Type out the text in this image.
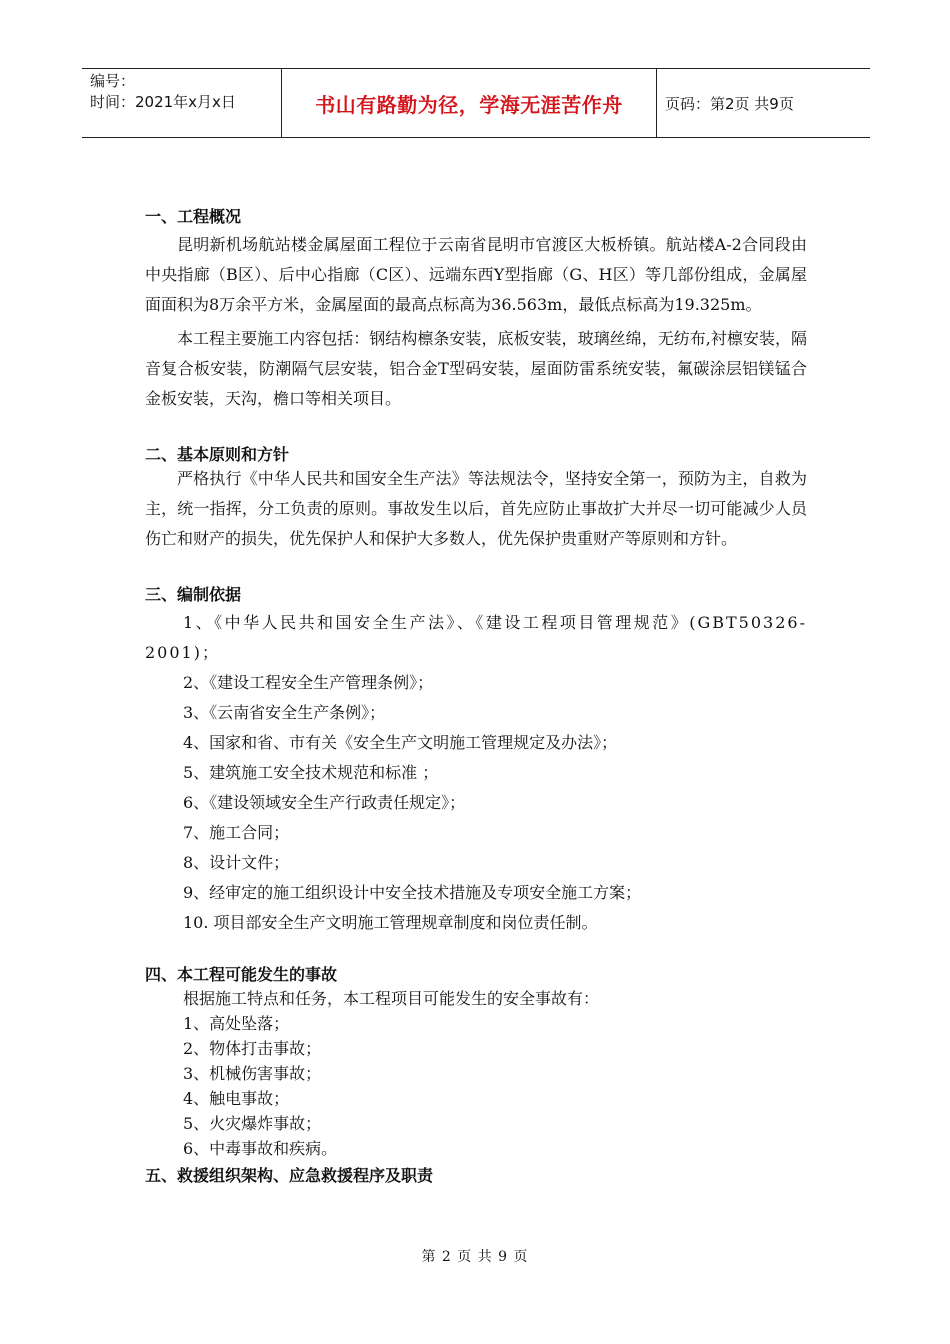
编号：
时间：2021年x月x日	书山有路勤为径，学海无涯苦作舟	页码：第2页 共9页
一、工程概况

昆明新机场航站楼金属屋面工程位于云南省昆明市官渡区大板桥镇。航站楼A-2合同段由中央指廊（B区）、后中心指廊（C区）、远端东西Y型指廊（G、H区）等几部份组成，金属屋面面积为8万余平方米，金属屋面的最高点标高为36.563m，最低点标高为19.325m。

本工程主要施工内容包括：钢结构檩条安装，底板安装，玻璃丝绵，无纺布,衬檩安装，隔音复合板安装，防潮隔气层安装，铝合金T型码安装，屋面防雷系统安装，氟碳涂层铝镁锰合金板安装，天沟，檐口等相关项目。

二、基本原则和方针

严格执行《中华人民共和国安全生产法》等法规法令，坚持安全第一，预防为主，自救为主，统一指挥，分工负责的原则。事故发生以后，首先应防止事故扩大并尽一切可能减少人员伤亡和财产的损失，优先保护人和保护大多数人，优先保护贵重财产等原则和方针。

三、编制依据

1、《中华人民共和国安全生产法》、《建设工程项目管理规范》(GBT50326-2001)；

2、《建设工程安全生产管理条例》；

3、《云南省安全生产条例》；

4、国家和省、市有关《安全生产文明施工管理规定及办法》；

5、建筑施工安全技术规范和标准 ；

6、《建设领域安全生产行政责任规定》；

7、施工合同；

8、设计文件；

9、经审定的施工组织设计中安全技术措施及专项安全施工方案；

10. 项目部安全生产文明施工管理规章制度和岗位责任制。

四、本工程可能发生的事故

根据施工特点和任务，本工程项目可能发生的安全事故有：

1、高处坠落；

2、物体打击事故；

3、机械伤害事故；

4、触电事故；

5、火灾爆炸事故；

6、中毒事故和疾病。

五、救援组织架构、应急救援程序及职责
第 2 页 共 9 页
